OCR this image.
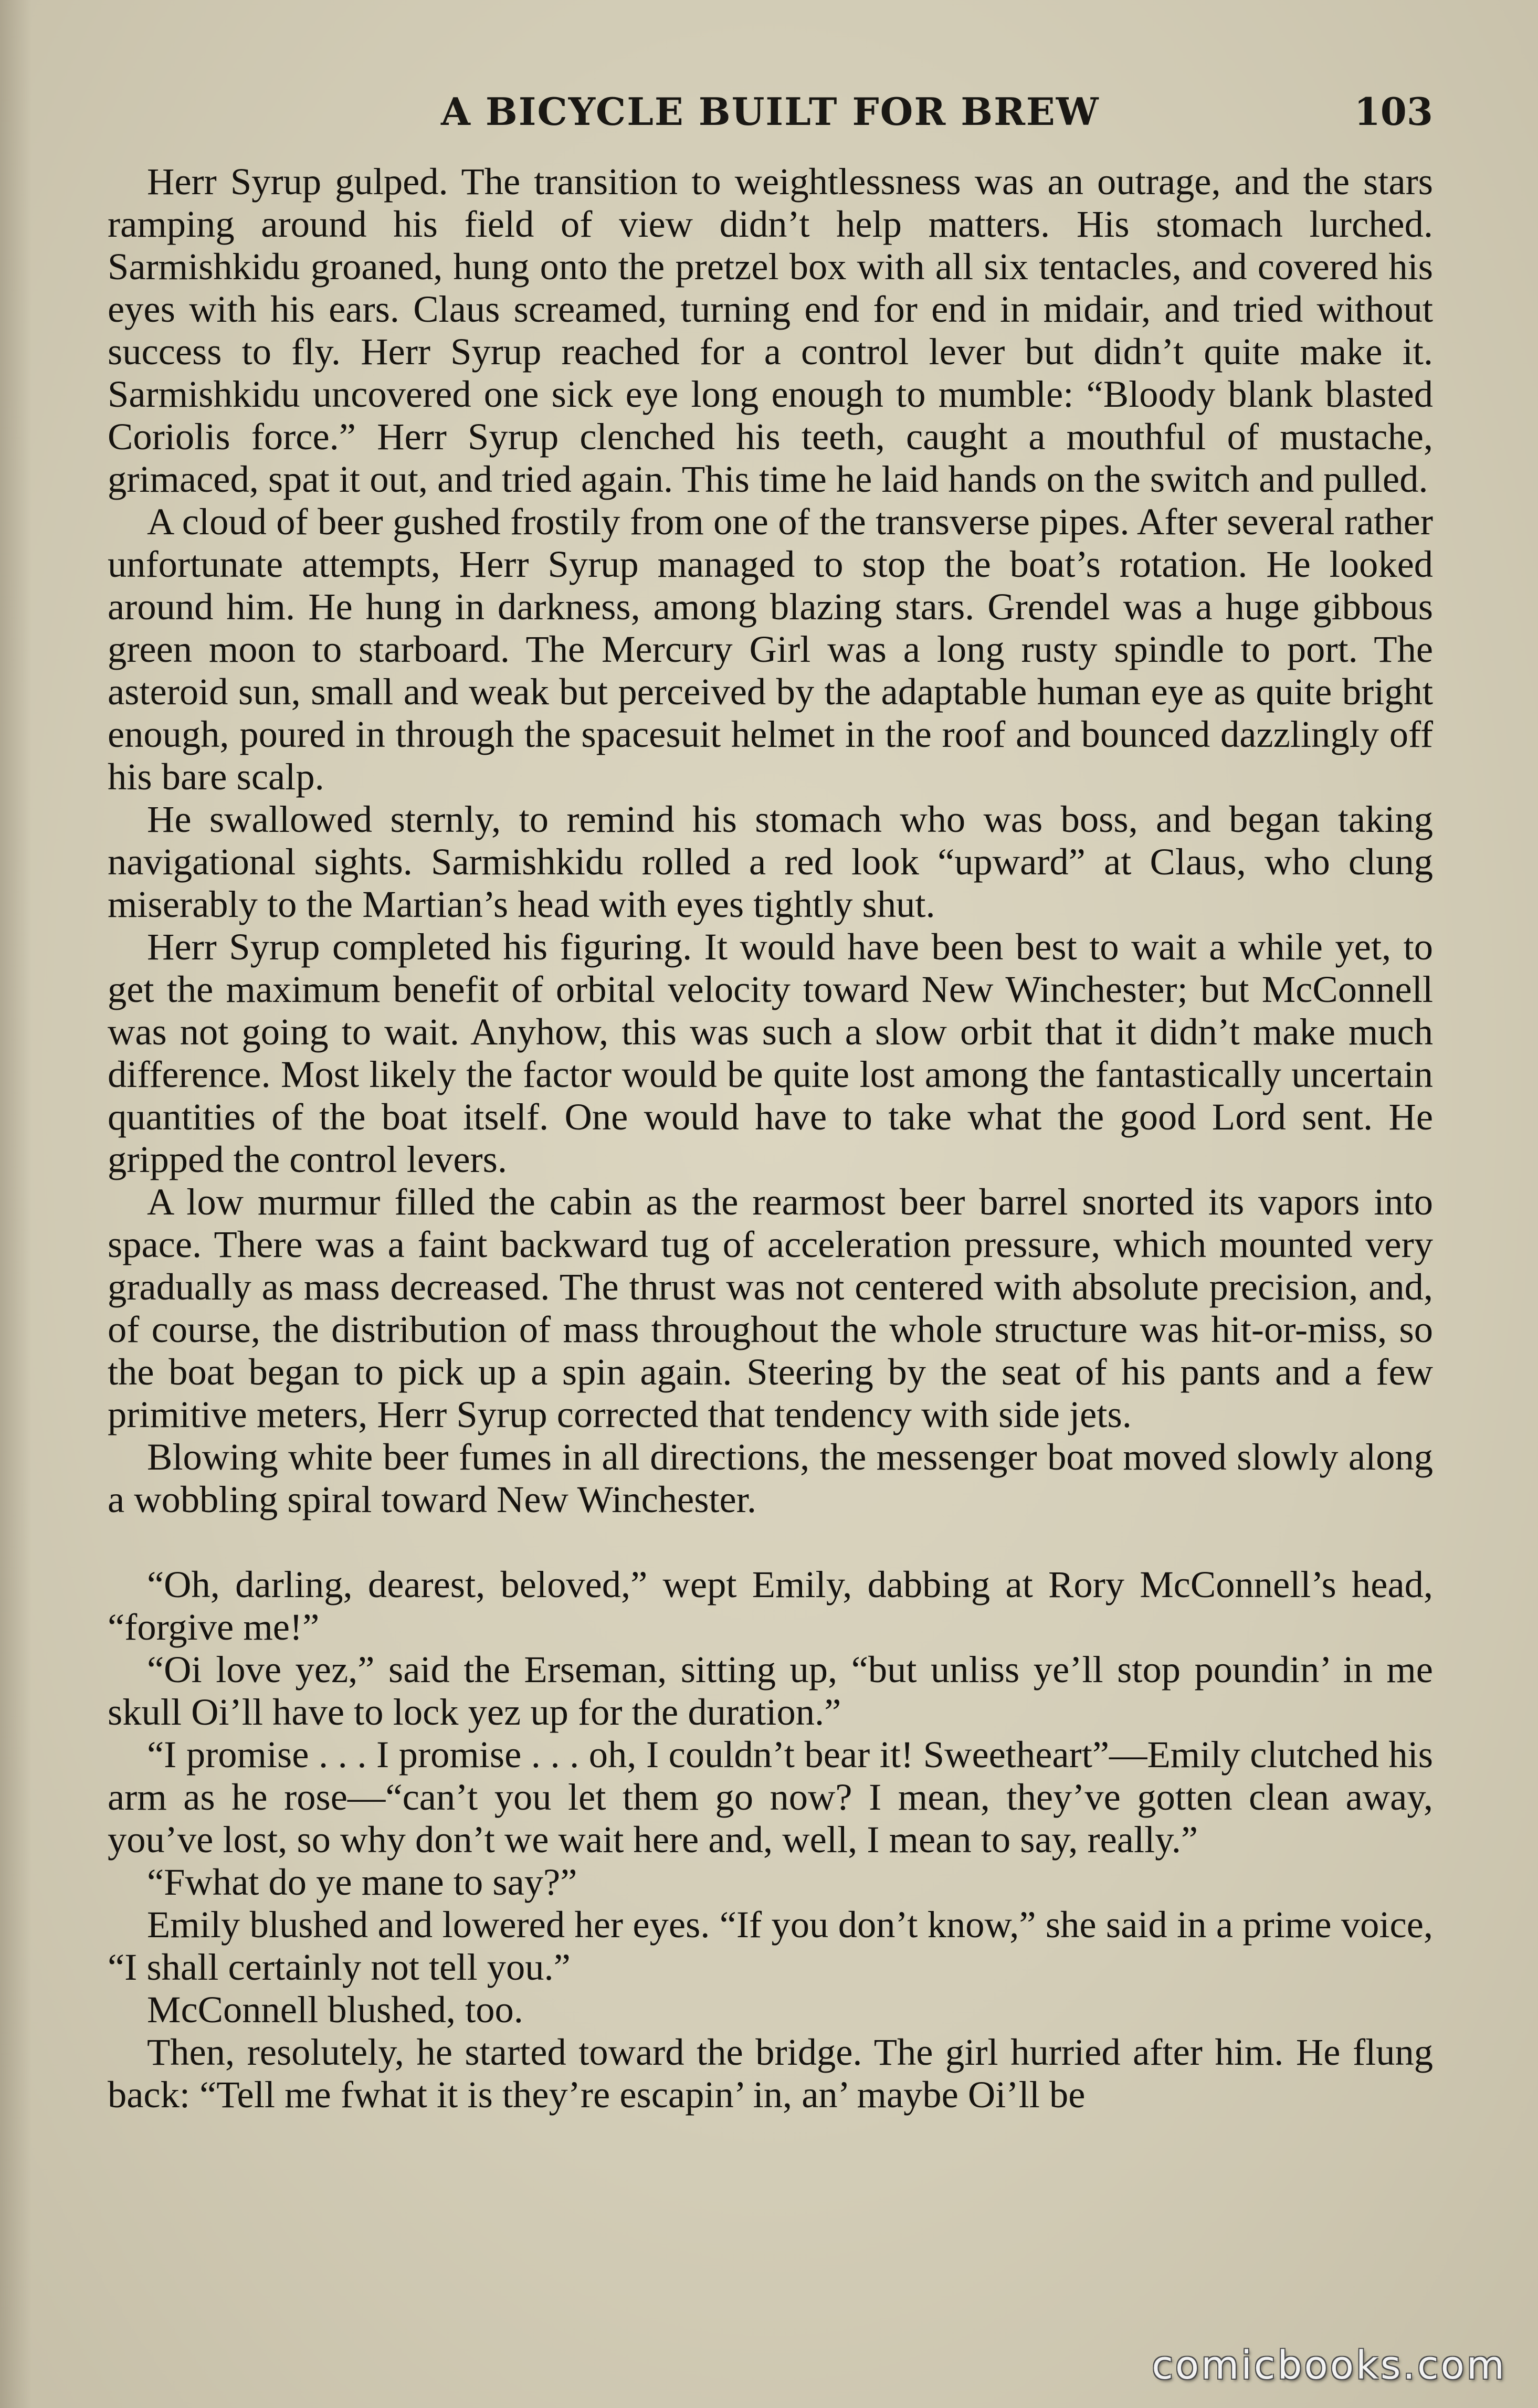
A BICYCLE BUILT FOR BREW	103

Herr Syrup gulped. The transition to weightlessness was an outrage, and the stars ramping around his field of view didn’t help matters. His stomach lurched. Sarmishkidu groaned, hung onto the pretzel box with all six tentacles, and covered his eyes with his ears. Claus screamed, turning end for end in midair, and tried without success to fly. Herr Syrup reached for a control lever but didn’t quite make it. Sarmishkidu uncovered one sick eye long enough to mumble: “Bloody blank blasted Coriolis force.” Herr Syrup clenched his teeth, caught a mouthful of mustache, grimaced, spat it out, and tried again. This time he laid hands on the switch and pulled.

A cloud of beer gushed frostily from one of the transverse pipes. After several rather unfortunate attempts, Herr Syrup managed to stop the boat’s rotation. He looked around him. He hung in darkness, among blazing stars. Grendel was a huge gibbous green moon to starboard. The Mercury Girl was a long rusty spindle to port. The asteroid sun, small and weak but perceived by the adaptable human eye as quite bright enough, poured in through the spacesuit helmet in the roof and bounced dazzlingly off his bare scalp.

He swallowed sternly, to remind his stomach who was boss, and began taking navigational sights. Sarmishkidu rolled a red look “upward” at Claus, who clung miserably to the Martian’s head with eyes tightly shut.

Herr Syrup completed his figuring. It would have been best to wait a while yet, to get the maximum benefit of orbital velocity toward New Winchester; but McConnell was not going to wait. Anyhow, this was such a slow orbit that it didn’t make much difference. Most likely the factor would be quite lost among the fantastically uncertain quantities of the boat itself. One would have to take what the good Lord sent. He gripped the control levers.

A low murmur filled the cabin as the rearmost beer barrel snorted its vapors into space. There was a faint backward tug of acceleration pressure, which mounted very gradually as mass decreased. The thrust was not centered with absolute precision, and, of course, the distribution of mass throughout the whole structure was hit-or-miss, so the boat began to pick up a spin again. Steering by the seat of his pants and a few primitive meters, Herr Syrup corrected that tendency with side jets.

Blowing white beer fumes in all directions, the messenger boat moved slowly along a wobbling spiral toward New Winchester.

“Oh, darling, dearest, beloved,” wept Emily, dabbing at Rory McConnell’s head, “forgive me!”

“Oi love yez,” said the Erseman, sitting up, “but unliss ye’ll stop poundin’ in me skull Oi’ll have to lock yez up for the duration.”

“I promise . . . I promise . . . oh, I couldn’t bear it! Sweetheart”—Emily clutched his arm as he rose—“can’t you let them go now? I mean, they’ve gotten clean away, you’ve lost, so why don’t we wait here and, well, I mean to say, really.”

“Fwhat do ye mane to say?”

Emily blushed and lowered her eyes. “If you don’t know,” she said in a prime voice, “I shall certainly not tell you.”

McConnell blushed, too.

Then, resolutely, he started toward the bridge. The girl hurried after him. He flung back: “Tell me fwhat it is they’re escapin’ in, an’ maybe Oi’ll be

comicbooks.com
